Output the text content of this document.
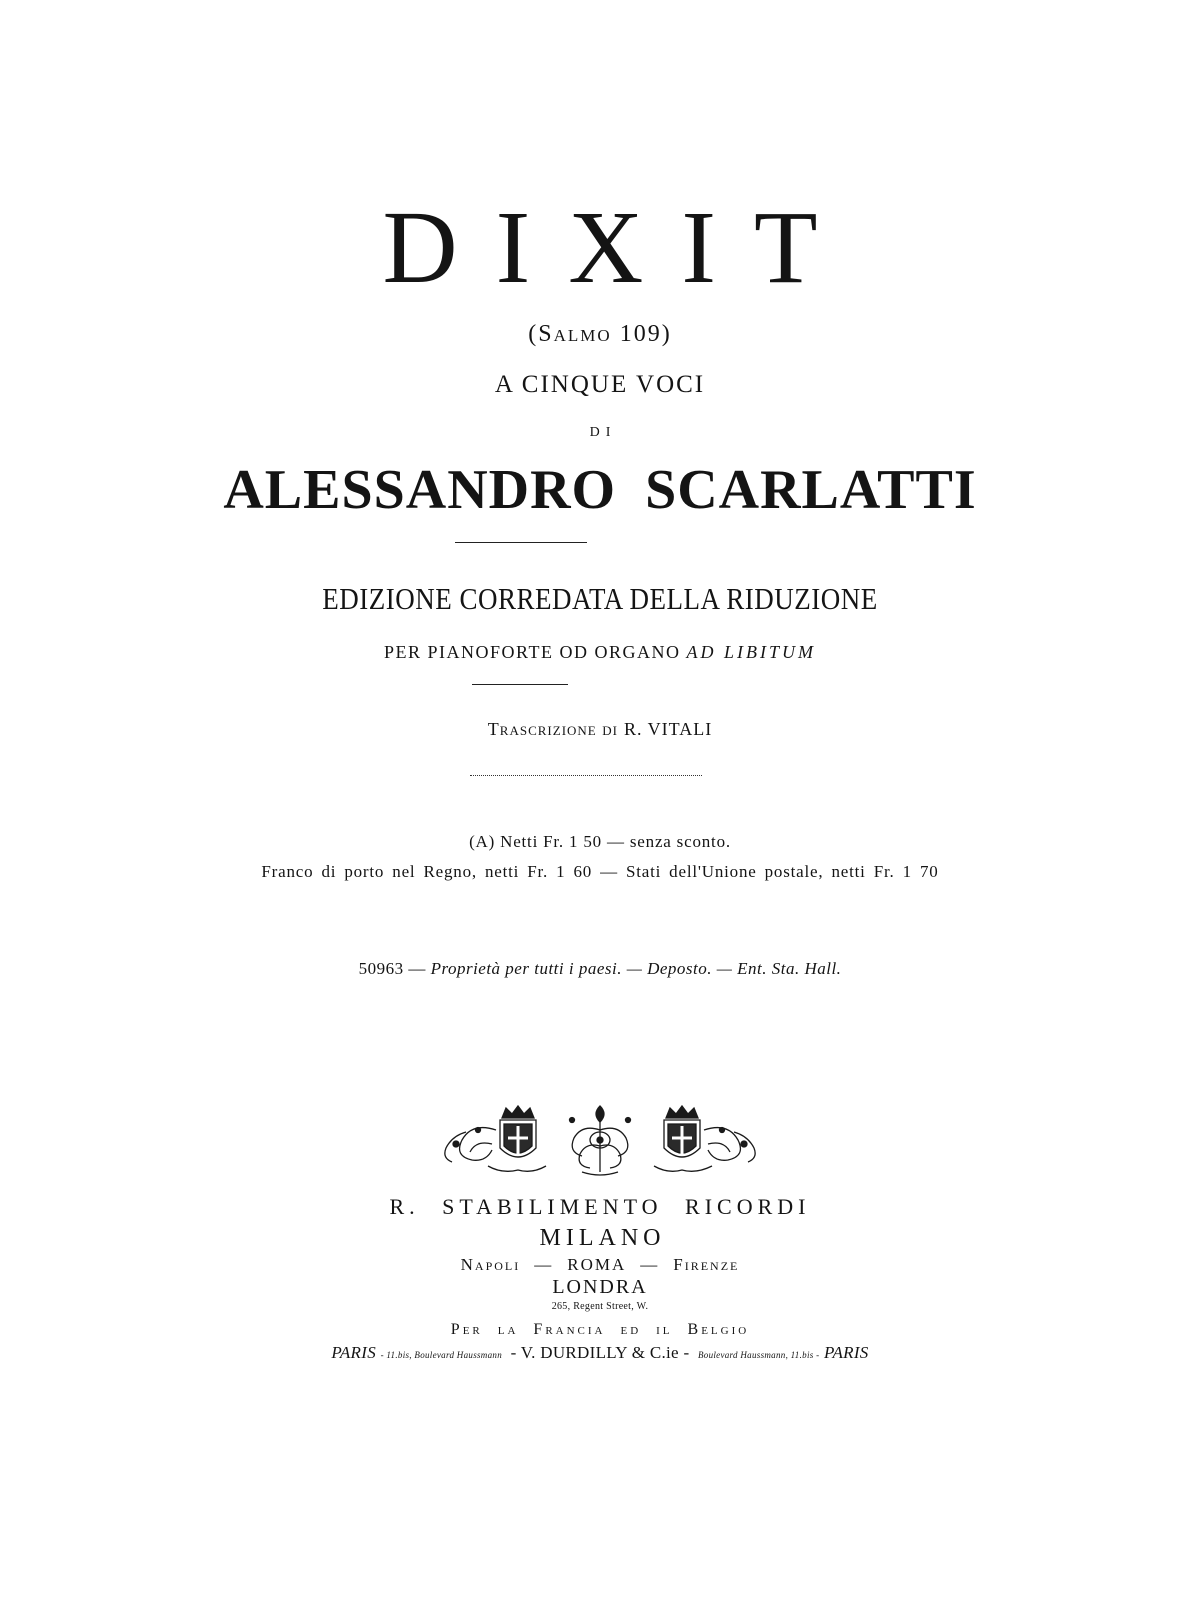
DIXIT
(Salmo 109)
A CINQUE VOCI
DI
ALESSANDRO SCARLATTI
EDIZIONE CORREDATA DELLA RIDUZIONE
PER PIANOFORTE OD ORGANO AD LIBITUM
Trascrizione di R. VITALI
(A) Netti Fr. 1 50 — senza sconto.
Franco di porto nel Regno, netti Fr. 1 60 — Stati dell'Unione postale, netti Fr. 1 70
50963 — Proprietà per tutti i paesi. — Deposto. — Ent. Sta. Hall.
R. STABILIMENTO RICORDI
MILANO
Napoli — ROMA — Firenze
LONDRA
265, Regent Street, W.
Per la Francia ed il Belgio
PARIS - 11.bis, Boulevard Haussmann - V. DURDILLY & C.ie - Boulevard Haussmann, 11.bis - PARIS
